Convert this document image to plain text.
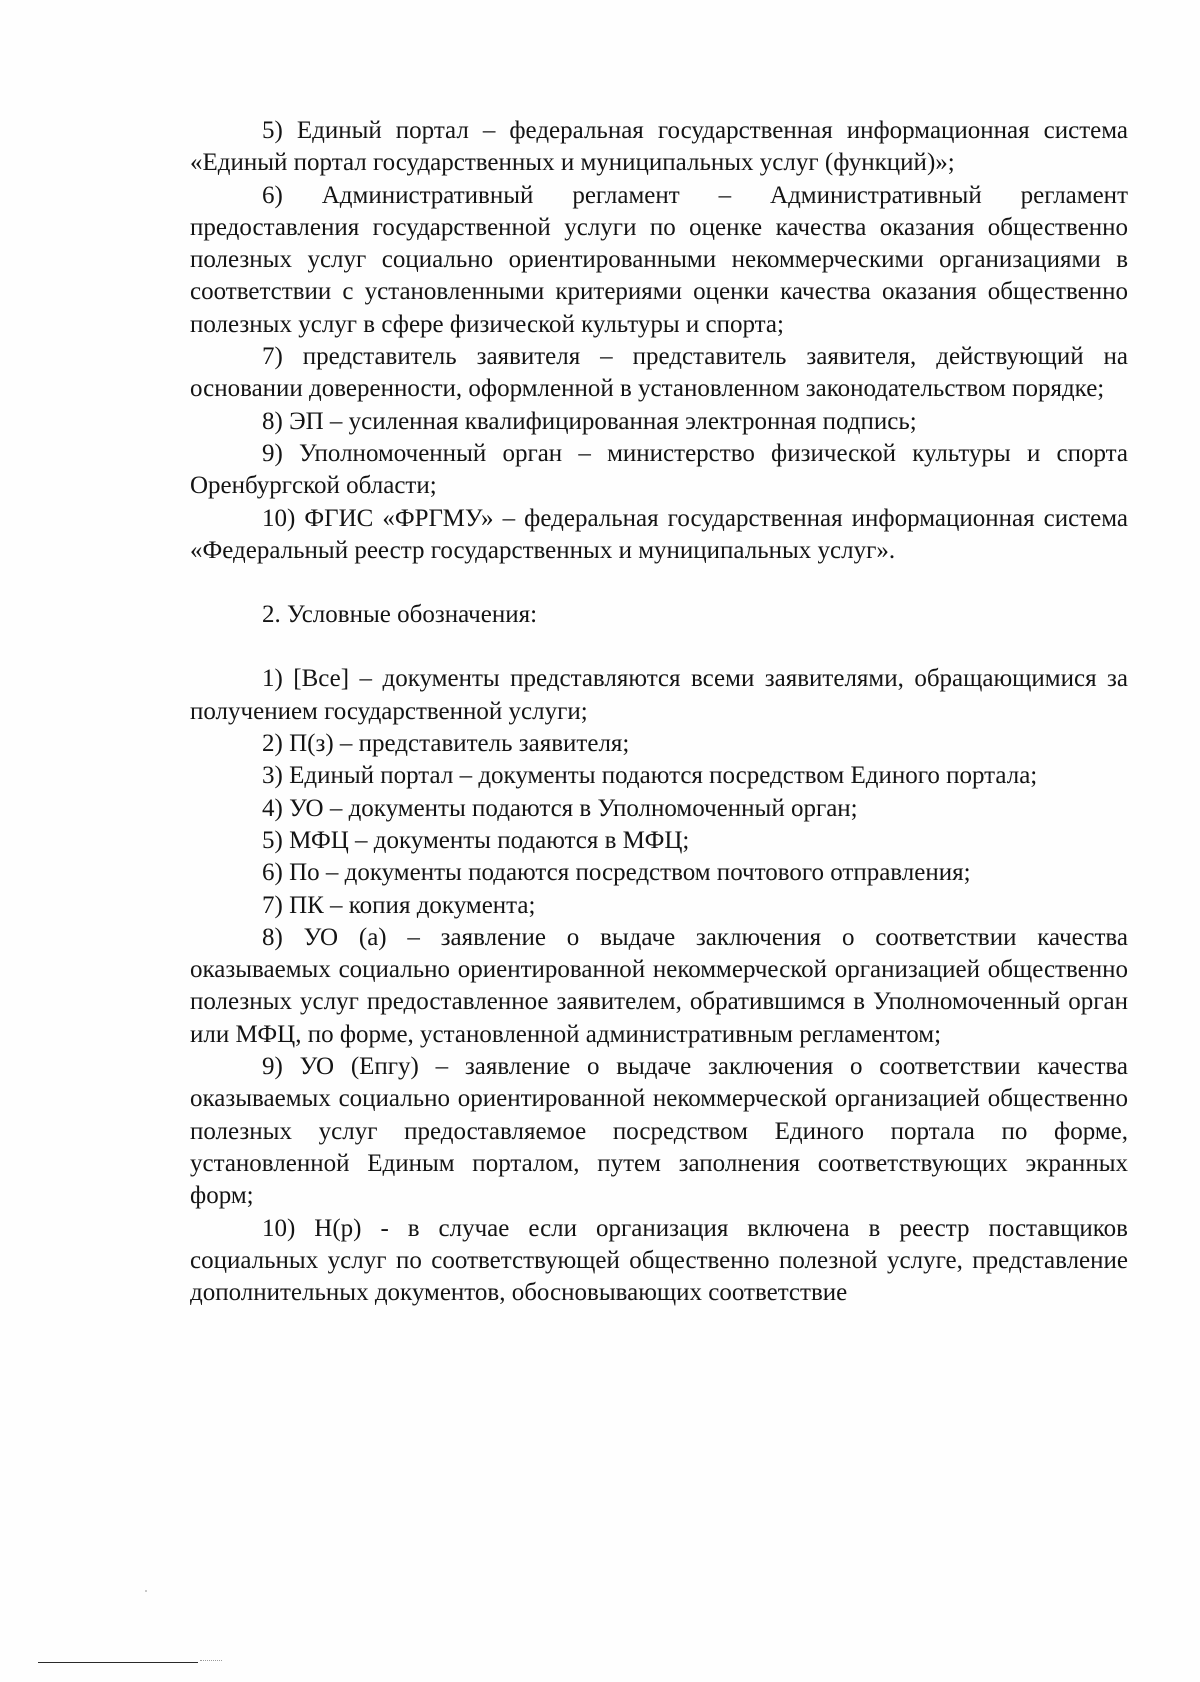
5) Единый портал – федеральная государственная информационная система «Единый портал государственных и муниципальных услуг (функций)»;

6) Административный регламент – Административный регламент предоставления государственной услуги по оценке качества оказания общественно полезных услуг социально ориентированными некоммерческими организациями в соответствии с установленными критериями оценки качества оказания общественно полезных услуг в сфере физической культуры и спорта;

7) представитель заявителя – представитель заявителя, действующий на основании доверенности, оформленной в установленном законодательством порядке;

8) ЭП – усиленная квалифицированная электронная подпись;

9) Уполномоченный орган – министерство физической культуры и спорта Оренбургской области;

10) ФГИС «ФРГМУ» – федеральная государственная информационная система «Федеральный реестр государственных и муниципальных услуг».

2. Условные обозначения:

1) [Все] – документы представляются всеми заявителями, обращающимися за получением государственной услуги;

2) П(з) – представитель заявителя;

3) Единый портал – документы подаются посредством Единого портала;

4) УО – документы подаются в Уполномоченный орган;

5) МФЦ – документы подаются в МФЦ;

6) По – документы подаются посредством почтового отправления;

7) ПК – копия документа;

8) УО (а) – заявление о выдаче заключения о соответствии качества оказываемых социально ориентированной некоммерческой организацией общественно полезных услуг предоставленное заявителем, обратившимся в Уполномоченный орган или МФЦ, по форме, установленной административным регламентом;

9) УО (Епгу) – заявление о выдаче заключения о соответствии качества оказываемых социально ориентированной некоммерческой организацией общественно полезных услуг предоставляемое посредством Единого портала по форме, установленной Единым порталом, путем заполнения соответствующих экранных форм;

10) Н(р) - в случае если организация включена в реестр поставщиков социальных услуг по соответствующей общественно полезной услуге, представление дополнительных документов, обосновывающих соответствие
